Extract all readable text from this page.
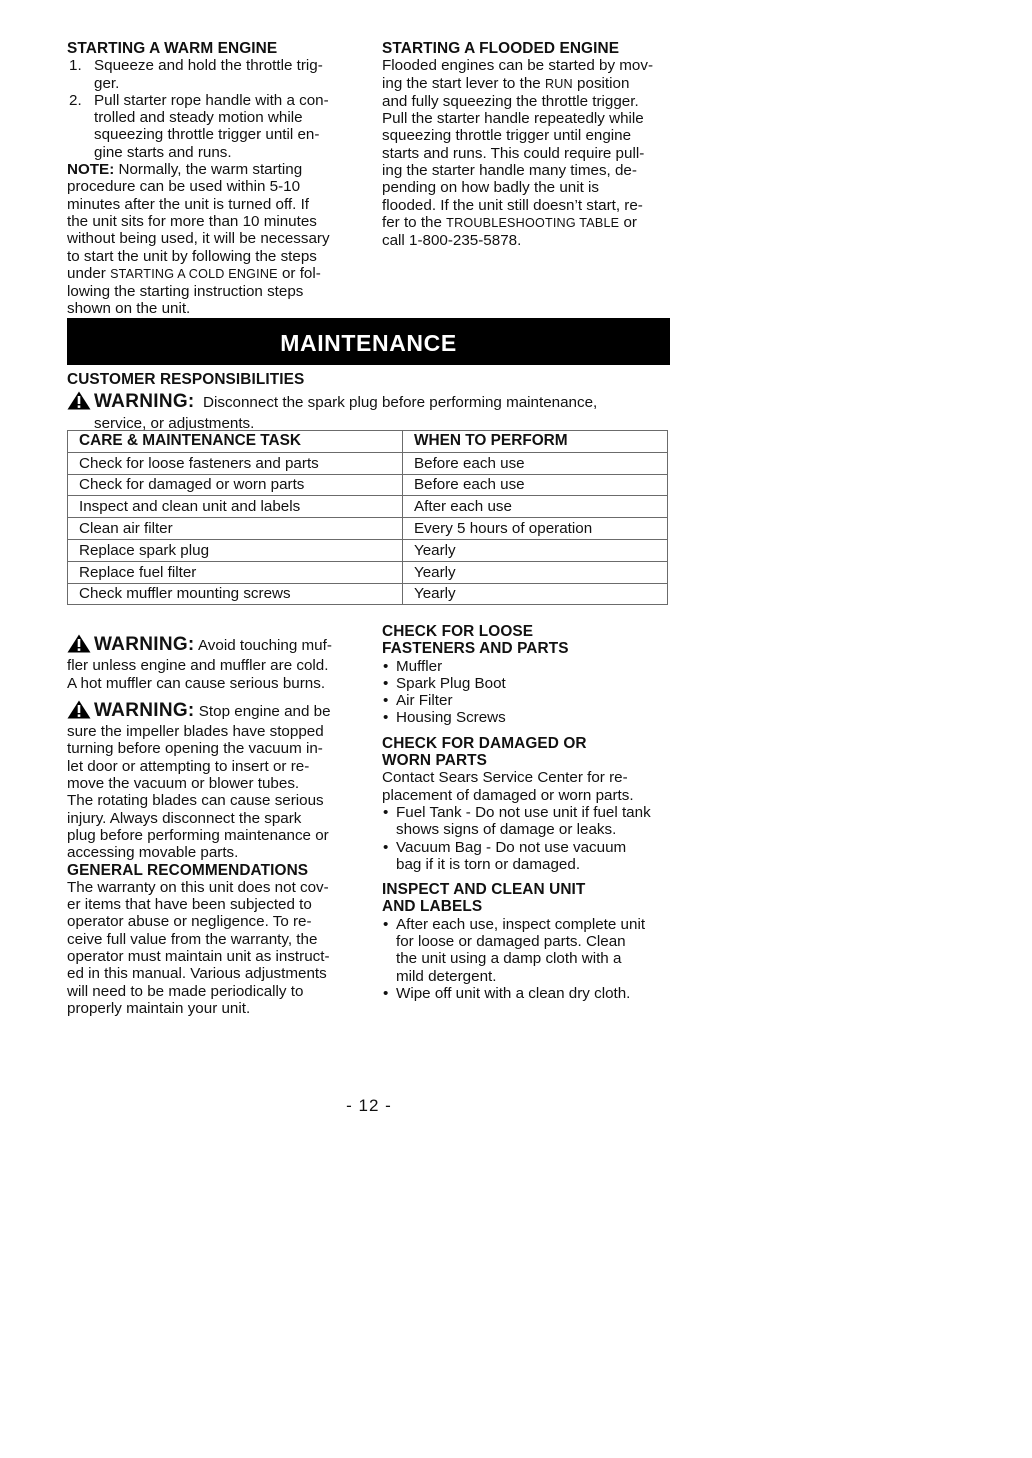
STARTING A WARM ENGINE
1. Squeeze and hold the throttle trig-
ger.
2. Pull starter rope handle with a con-
trolled and steady motion while
squeezing throttle trigger until en-
gine starts and runs.
NOTE: Normally, the warm starting
procedure can be used within 5-10
minutes after the unit is turned off. If
the unit sits for more than 10 minutes
without being used, it will be necessary
to start the unit by following the steps
under STARTING A COLD ENGINE or fol-
lowing the starting instruction steps
shown on the unit.
STARTING A FLOODED ENGINE
Flooded engines can be started by mov-
ing the start lever to the RUN position
and fully squeezing the throttle trigger.
Pull the starter handle repeatedly while
squeezing throttle trigger until engine
starts and runs. This could require pull-
ing the starter handle many times, de-
pending on how badly the unit is
flooded. If the unit still doesn’t start, re-
fer to the TROUBLESHOOTING TABLE or
call 1-800-235-5878.
MAINTENANCE
CUSTOMER RESPONSIBILITIES
WARNING:  Disconnect the spark plug before performing maintenance,
service, or adjustments.
CARE & MAINTENANCE TASK	WHEN TO PERFORM
Check for loose fasteners and parts	Before each use
Check for damaged or worn parts	Before each use
Inspect and clean unit and labels	After each use
Clean air filter	Every 5 hours of operation
Replace spark plug	Yearly
Replace fuel filter	Yearly
Check muffler mounting screws	Yearly
WARNING: Avoid touching muf-
fler unless engine and muffler are cold.
A hot muffler can cause serious burns.
WARNING: Stop engine and be
sure the impeller blades have stopped
turning before opening the vacuum in-
let door or attempting to insert or re-
move the vacuum or blower tubes.
The rotating blades can cause serious
injury. Always disconnect the spark
plug before performing maintenance or
accessing movable parts.
GENERAL RECOMMENDATIONS
The warranty on this unit does not cov-
er items that have been subjected to
operator abuse or negligence. To re-
ceive full value from the warranty, the
operator must maintain unit as instruct-
ed in this manual. Various adjustments
will need to be made periodically to
properly maintain your unit.
CHECK FOR LOOSE
FASTENERS AND PARTS
• Muffler
• Spark Plug Boot
• Air Filter
• Housing Screws
CHECK FOR DAMAGED OR
WORN PARTS
Contact Sears Service Center for re-
placement of damaged or worn parts.
• Fuel Tank - Do not use unit if fuel tank
shows signs of damage or leaks.
• Vacuum Bag - Do not use vacuum
bag if it is torn or damaged.
INSPECT AND CLEAN UNIT
AND LABELS
• After each use, inspect complete unit
for loose or damaged parts. Clean
the unit using a damp cloth with a
mild detergent.
• Wipe off unit with a clean dry cloth.
- 12 -
